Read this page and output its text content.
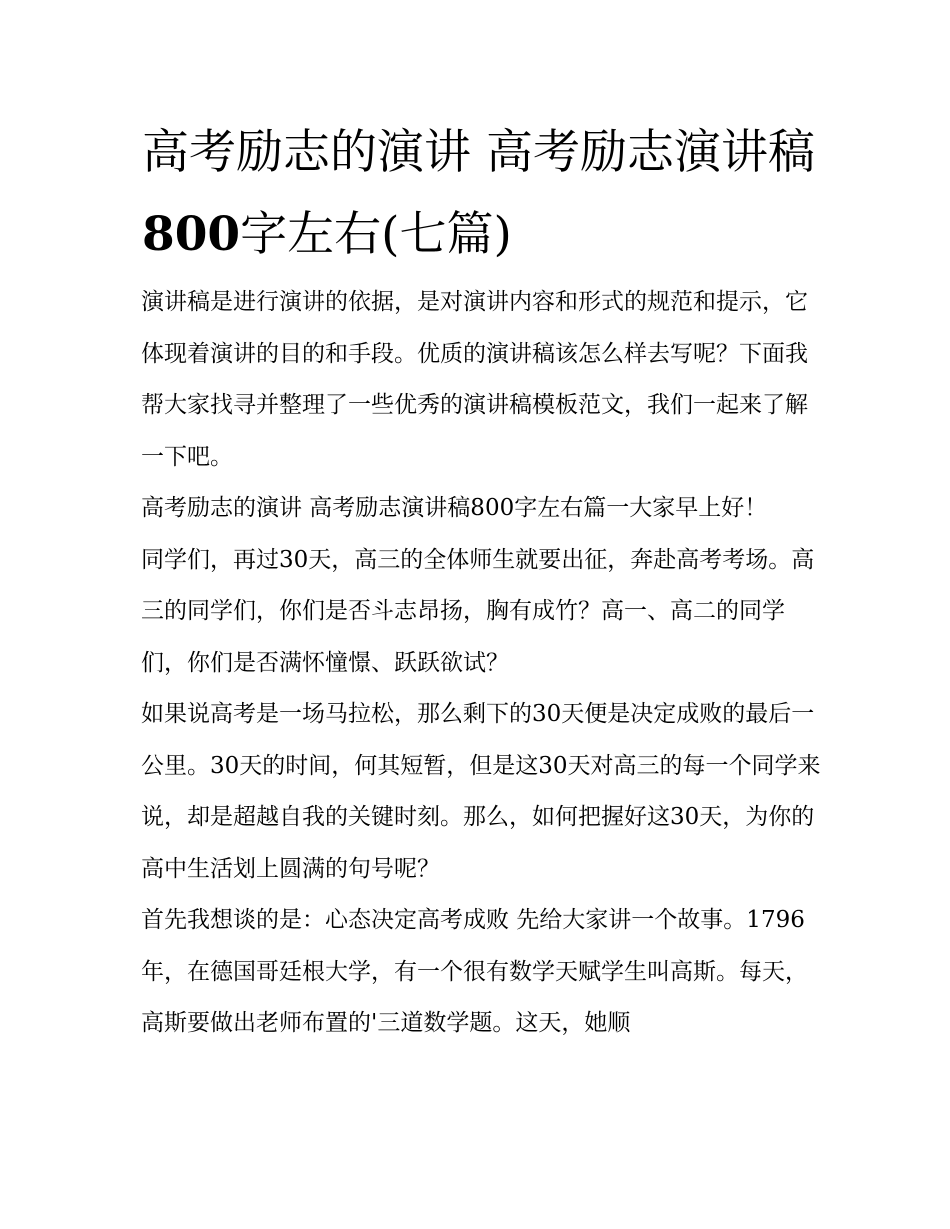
高考励志的演讲 高考励志演讲稿800字左右(七篇)

演讲稿是进行演讲的依据，是对演讲内容和形式的规范和提示，它体现着演讲的目的和手段。优质的演讲稿该怎么样去写呢？下面我帮大家找寻并整理了一些优秀的演讲稿模板范文，我们一起来了解一下吧。

高考励志的演讲 高考励志演讲稿800字左右篇一大家早上好！

同学们，再过30天，高三的全体师生就要出征，奔赴高考考场。高三的同学们，你们是否斗志昂扬，胸有成竹？高一、高二的同学们，你们是否满怀憧憬、跃跃欲试？

如果说高考是一场马拉松，那么剩下的30天便是决定成败的最后一公里。30天的时间，何其短暂，但是这30天对高三的每一个同学来说，却是超越自我的关键时刻。那么，如何把握好这30天，为你的高中生活划上圆满的句号呢？

首先我想谈的是：心态决定高考成败 先给大家讲一个故事。1796年，在德国哥廷根大学，有一个很有数学天赋学生叫高斯。每天，高斯要做出老师布置的'三道数学题。这天，她顺
